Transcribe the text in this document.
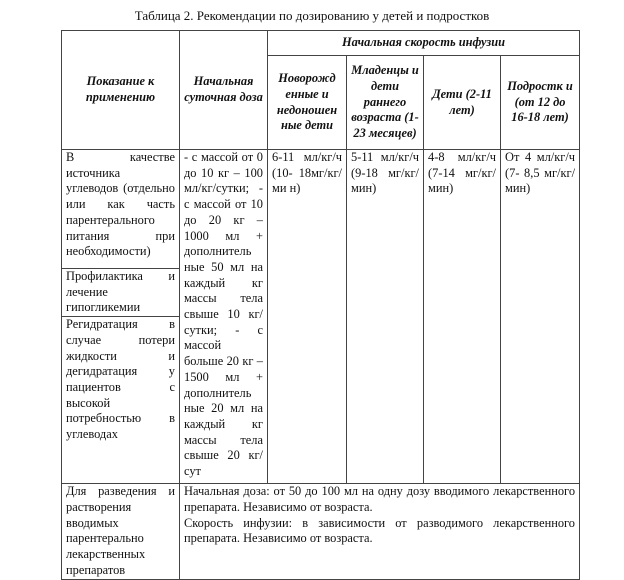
Таблица 2. Рекомендации по дозированию у детей и подростков
Показание к применению	Начальная суточная доза	Начальная скорость инфузии			
		Новорожд енные и недоношен ные дети	Младенцы и дети раннего возраста (1-23 месяцев)	Дети (2-11 лет)	Подростк и (от 12 до 16-18 лет)
В качестве источника углеводов (отдельно или как часть парентерального питания при необходимости)	- с массой от 0 до 10 кг – 100 мл/кг/сутки; - с массой от 10 до 20 кг – 1000 мл + дополнитель ные 50 мл на каждый кг массы тела свыше 10 кг/сутки; - с массой больше 20 кг – 1500 мл + дополнитель ные 20 мл на каждый кг массы тела свыше 20 кг/сут	6-11 мл/кг/ч (10- 18мг/кг/ми н)	5-11 мл/кг/ч (9-18 мг/кг/мин)	4-8 мл/кг/ч (7-14 мг/кг/мин)	От 4 мл/кг/ч (7- 8,5 мг/кг/мин)
Профилактика и лечение гипогликемии					
Регидратация в случае потери жидкости и дегидратация у пациентов с высокой потребностью в углеводах					
Для разведения и растворения вводимых парентерально лекарственных препаратов	Начальная доза: от 50 до 100 мл на одну дозу вводимого лекарственного препарата. Независимо от возраста.
Скорость инфузии: в зависимости от разводимого лекарственного препарата. Независимо от возраста.				
